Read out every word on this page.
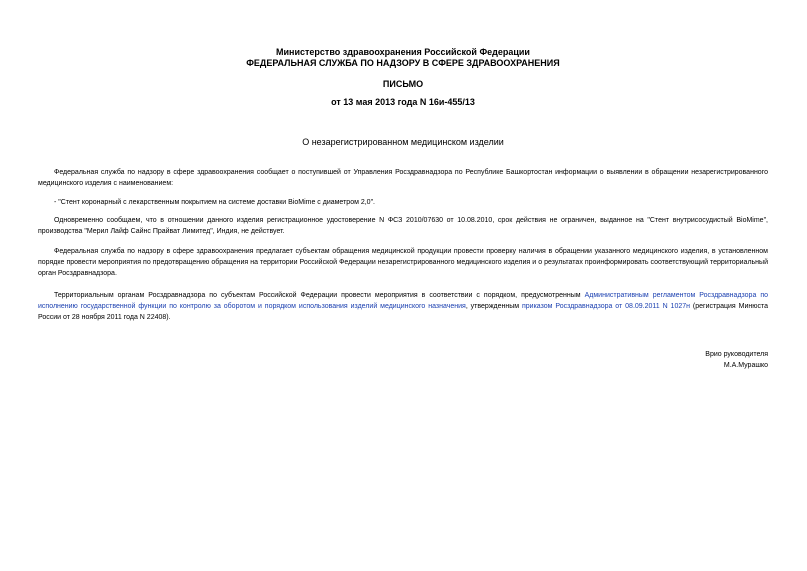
Министерство здравоохранения Российской Федерации
ФЕДЕРАЛЬНАЯ СЛУЖБА ПО НАДЗОРУ В СФЕРЕ ЗДРАВООХРАНЕНИЯ
ПИСЬМО
от 13 мая 2013 года N 16и-455/13
О незарегистрированном медицинском изделии

Федеральная служба по надзору в сфере здравоохранения сообщает о поступившей от Управления Росздравнадзора по Республике Башкортостан информации о выявлении в обращении незарегистрированного медицинского изделия с наименованием:

- "Стент коронарный с лекарственным покрытием на системе доставки BioMime с диаметром 2,0".

Одновременно сообщаем, что в отношении данного изделия регистрационное удостоверение N ФСЗ 2010/07630 от 10.08.2010, срок действия не ограничен, выданное на "Стент внутрисосудистый BioMime", производства "Мерил Лайф Сайнс Прайват Лимитед", Индия, не действует.

Федеральная служба по надзору в сфере здравоохранения предлагает субъектам обращения медицинской продукции провести проверку наличия в обращении указанного медицинского изделия, в установленном порядке провести мероприятия по предотвращению обращения на территории Российской Федерации незарегистрированного медицинского изделия и о результатах проинформировать соответствующий территориальный орган Росздравнадзора.

Территориальным органам Росздравнадзора по субъектам Российской Федерации провести мероприятия в соответствии с порядком, предусмотренным Административным регламентом Росздравнадзора по исполнению государственной функции по контролю за оборотом и порядком использования изделий медицинского назначения, утвержденным приказом Росздравнадзора от 08.09.2011 N 1027н (регистрация Минюста России от 28 ноября 2011 года N 22408).

Врио руководителя
М.А.Мурашко
